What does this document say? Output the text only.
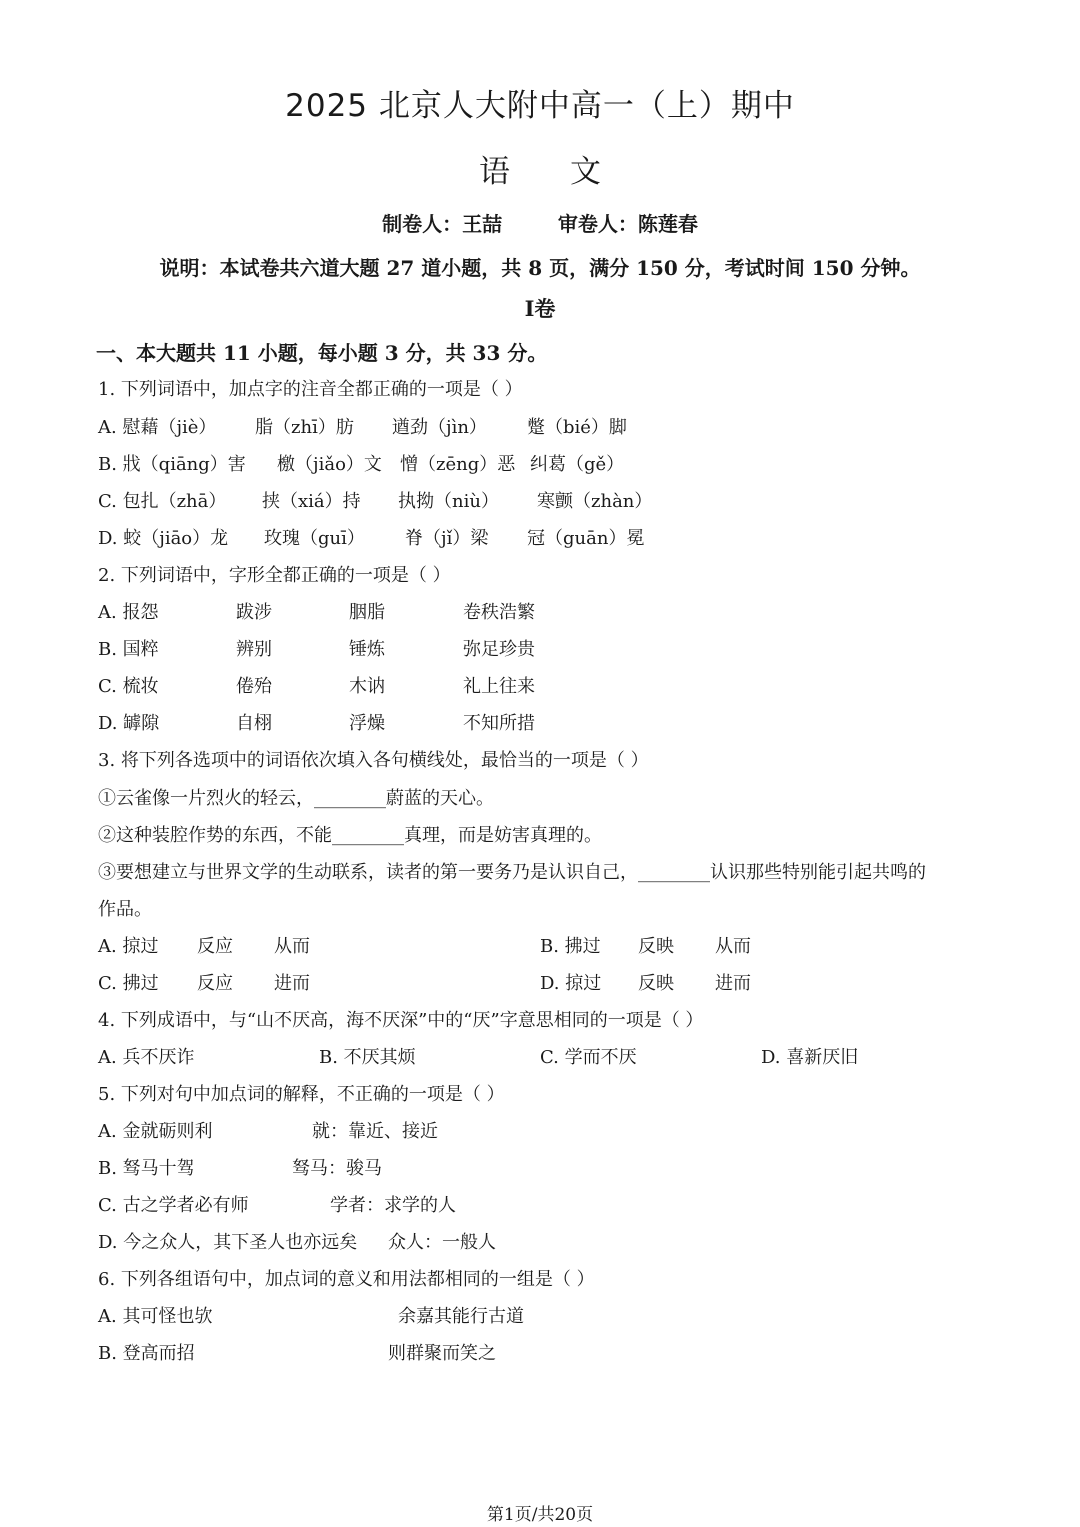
2025 北京人大附中高一（上）期中
语文
制卷人：王喆        审卷人：陈莲春
说明：本试卷共六道大题 27 道小题，共 8 页，满分 150 分，考试时间 150 分钟。
Ⅰ卷
一、本大题共 11 小题，每小题 3 分，共 33 分。
1. 下列词语中，加点字的注音全都正确的一项是（ ）
A. 慰藉（jiè） 脂（zhī）肪 遒劲（jìn） 蹩（bié）脚
B. 戕（qiāng）害 檄（jiǎo）文 憎（zēng）恶 纠葛（gě）
C. 包扎（zhā） 挟（xiá）持 执拗（niù） 寒颤（zhàn）
D. 蛟（jiāo）龙 玫瑰（guī） 脊（jǐ）梁 冠（guān）冕
2. 下列词语中，字形全都正确的一项是（ ）
A. 报怨	跋涉	胭脂	卷秩浩繁
B. 国粹	辨别	锤炼	弥足珍贵
C. 梳妆	倦殆	木讷	礼上往来
D. 罅隙	自栩	浮燥	不知所措
3. 将下列各选项中的词语依次填入各句横线处，最恰当的一项是（ ）
①云雀像一片烈火的轻云，________蔚蓝的天心。
②这种装腔作势的东西，不能________真理，而是妨害真理的。
③要想建立与世界文学的生动联系，读者的第一要务乃是认识自己，________认识那些特别能引起共鸣的
作品。
A. 掠过 反应 从而	B. 拂过 反映 从而
C. 拂过 反应 进而	D. 掠过 反映 进而
4. 下列成语中，与“山不厌高，海不厌深”中的“厌”字意思相同的一项是（ ）
A. 兵不厌诈	B. 不厌其烦	C. 学而不厌	D. 喜新厌旧
5. 下列对句中加点词的解释，不正确的一项是（ ）
A. 金就砺则利	就：靠近、接近
B. 驽马十驾	驽马：骏马
C. 古之学者必有师	学者：求学的人
D. 今之众人，其下圣人也亦远矣 众人：一般人
6. 下列各组语句中，加点词的意义和用法都相同的一组是（ ）
A. 其可怪也欤	余嘉其能行古道
B. 登高而招	则群聚而笑之
第1页/共20页
